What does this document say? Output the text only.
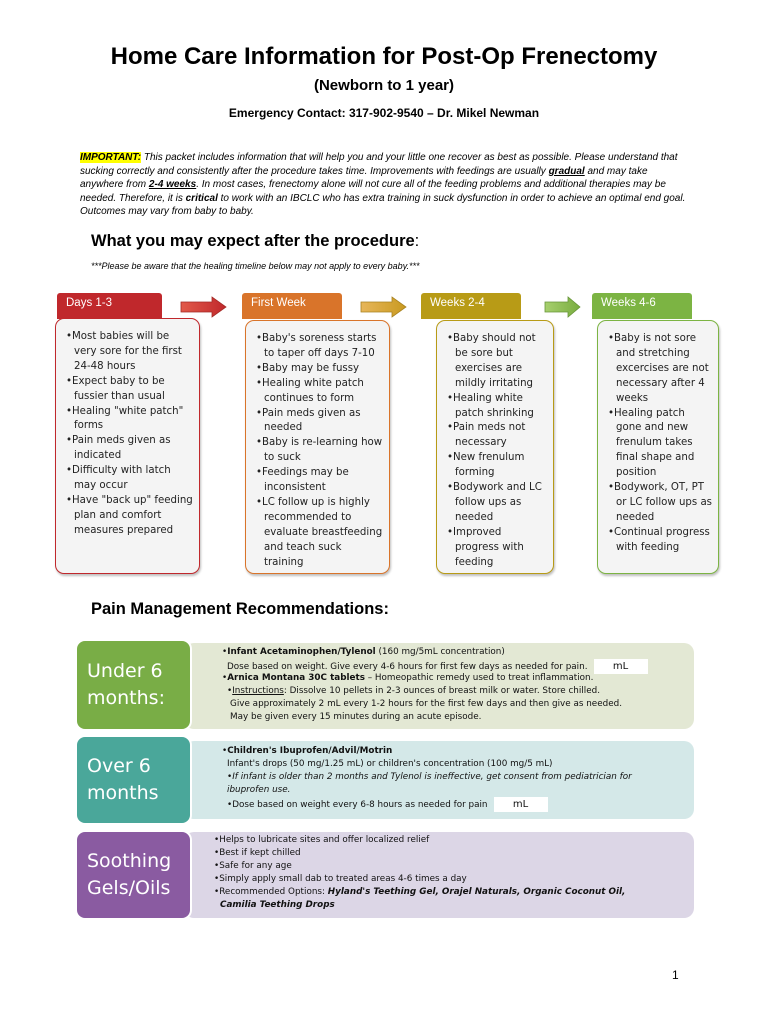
Home Care Information for Post-Op Frenectomy
(Newborn to 1 year)
Emergency Contact: 317-902-9540 – Dr. Mikel Newman
IMPORTANT: This packet includes information that will help you and your little one recover as best as possible. Please understand that sucking correctly and consistently after the procedure takes time. Improvements with feedings are usually gradual and may take anywhere from 2-4 weeks. In most cases, frenectomy alone will not cure all of the feeding problems and additional therapies may be needed. Therefore, it is critical to work with an IBCLC who has extra training in suck dysfunction in order to achieve an optimal end goal. Outcomes may vary from baby to baby.
What you may expect after the procedure:
***Please be aware that the healing timeline below may not apply to every baby.***
• Most babies will be very sore for the first 24-48 hours
• Expect baby to be fussier than usual
• Healing "white patch" forms
• Pain meds given as indicated
• Difficulty with latch may occur
• Have "back up" feeding plan and comfort measures prepared
Days 1-3
• Baby's soreness starts to taper off days 7-10
• Baby may be fussy
• Healing white patch continues to form
• Pain meds given as needed
• Baby is re-learning how to suck
• Feedings may be inconsistent
• LC follow up is highly recommended to evaluate breastfeeding and teach suck training
First Week
• Baby should not be sore but exercises are mildly irritating
• Healing white patch shrinking
• Pain meds not necessary
• New frenulum forming
• Bodywork and LC follow ups as needed
• Improved progress with feeding
Weeks 2-4
• Baby is not sore and stretching excercises are not necessary after 4 weeks
• Healing patch gone and new frenulum takes final shape and position
• Bodywork, OT, PT or LC follow ups as needed
• Continual progress with feeding
Weeks 4-6
Pain Management Recommendations:
•Infant Acetaminophen/Tylenol (160 mg/5mL concentration)
Dose based on weight. Give every 4-6 hours for first few days as needed for pain.	mL
•Arnica Montana 30C tablets – Homeopathic remedy used to treat inflammation.
•Instructions: Dissolve 10 pellets in 2-3 ounces of breast milk or water. Store chilled.
Give approximately 2 mL every 1-2 hours for the first few days and then give as needed.
May be given every 15 minutes during an acute episode.
Under 6
months:
•Children's Ibuprofen/Advil/Motrin
Infant's drops (50 mg/1.25 mL) or children's concentration (100 mg/5 mL)
•If infant is older than 2 months and Tylenol is ineffective, get consent from pediatrician for ibuprofen use.
•Dose based on weight every 6-8 hours as needed for pain	mL
Over 6
months
• Helps to lubricate sites and offer localized relief
• Best if kept chilled
• Safe for any age
• Simply apply small dab to treated areas 4-6 times a day
•Recommended Options: Hyland's Teething Gel, Orajel Naturals, Organic Coconut Oil, Camilia Teething Drops
Soothing
Gels/Oils
1
